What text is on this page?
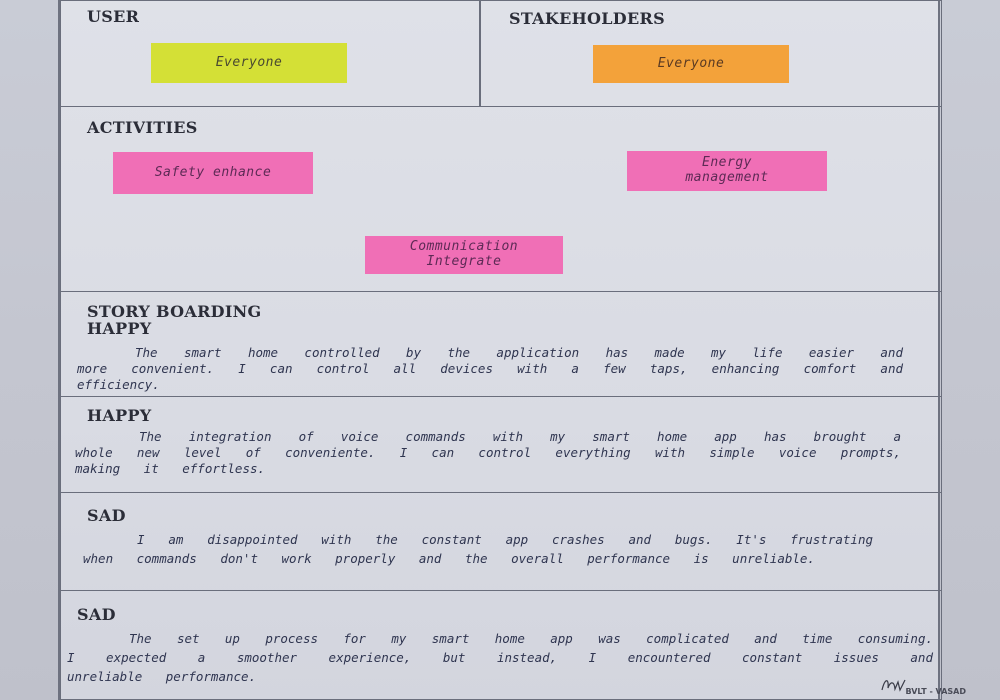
USER
Everyone
STAKEHOLDERS
Everyone
ACTIVITIES
Safety enhance
Energy management
Communication Integrate
STORY BOARDING
HAPPY
The smart home controlled by the application has made my life easier and more convenient. I can control all devices with a few taps, enhancing comfort and efficiency.
HAPPY
The integration of voice commands with my smart home app has brought a whole new level of conveniente. I can control everything with simple voice prompts, making it effortless.
SAD
I am disappointed with the constant app crashes and bugs. It's frustrating when commands don't work properly and the overall performance is unreliable.
SAD
The set up process for my smart home app was complicated and time consuming. I expected a smoother experience, but instead, I encountered constant issues and unreliable performance.
BVLT - VASAD
